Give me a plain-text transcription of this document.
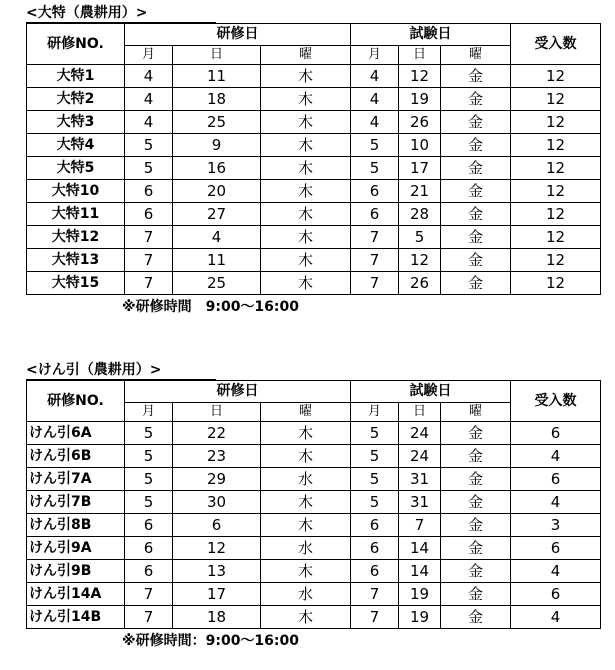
<大特（農耕用）>
研修NO.	研修日			試験日			受入数
	月	日	曜	月	日	曜	
大特1	4	11	木	4	12	金	12
大特2	4	18	木	4	19	金	12
大特3	4	25	木	4	26	金	12
大特4	5	9	木	5	10	金	12
大特5	5	16	木	5	17	金	12
大特10	6	20	木	6	21	金	12
大特11	6	27	木	6	28	金	12
大特12	7	4	木	7	5	金	12
大特13	7	11	木	7	12	金	12
大特15	7	25	木	7	26	金	12
※研修時間　9:00～16:00
<けん引（農耕用）>
研修NO.	研修日			試験日			受入数
	月	日	曜	月	日	曜	
けん引6A	5	22	木	5	24	金	6
けん引6B	5	23	木	5	24	金	4
けん引7A	5	29	水	5	31	金	6
けん引7B	5	30	木	5	31	金	4
けん引8B	6	6	木	6	7	金	3
けん引9A	6	12	水	6	14	金	6
けん引9B	6	13	木	6	14	金	4
けん引14A	7	17	水	7	19	金	6
けん引14B	7	18	木	7	19	金	4
※研修時間：9:00～16:00
